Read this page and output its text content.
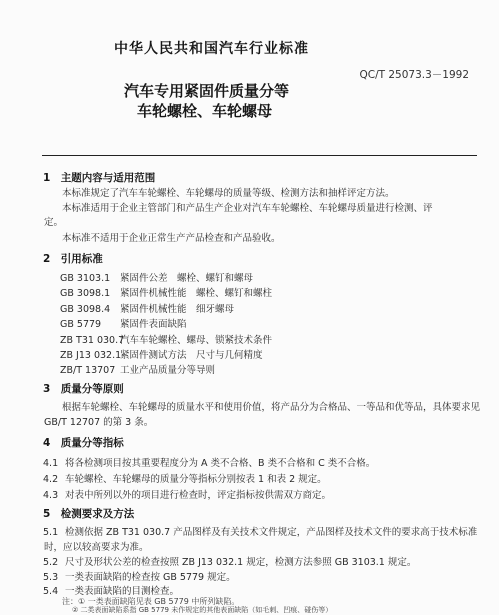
中华人民共和国汽车行业标准
QC/T 25073.3－1992
汽车专用紧固件质量分等
车轮螺栓、车轮螺母
1　主题内容与适用范围
本标准规定了汽车车轮螺栓、车轮螺母的质量等级、检测方法和抽样评定方法。
本标准适用于企业主管部门和产品生产企业对汽车车轮螺栓、车轮螺母质量进行检测、评
定。
本标准不适用于企业正常生产产品检查和产品验收。
2　引用标准
GB 3103.1 紧固件公差　螺栓、螺钉和螺母
GB 3098.1 紧固件机械性能　螺栓、螺钉和螺柱
GB 3098.4 紧固件机械性能　细牙螺母
GB 5779 紧固件表面缺陷
ZB T31 030.7汽车车轮螺栓、螺母、锁紧技术条件
ZB J13 032.1紧固件测试方法　尺寸与几何精度
ZB/T 13707 工业产品质量分等导则
3　质量分等原则
根据车轮螺栓、车轮螺母的质量水平和使用价值，将产品分为合格品、一等品和优等品，具体要求见
GB/T 12707 的第 3 条。
4　质量分等指标
4.1 将各检测项目按其重要程度分为 A 类不合格、B 类不合格和 C 类不合格。
4.2 车轮螺栓、车轮螺母的质量分等指标分别按表 1 和表 2 规定。
4.3 对表中所列以外的项目进行检查时，评定指标按供需双方商定。
5　检测要求及方法
5.1 检测依据 ZB T31 030.7 产品图样及有关技术文件规定，产品图样及技术文件的要求高于技术标准
时，应以较高要求为准。
5.2 尺寸及形状公差的检查按照 ZB J13 032.1 规定，检测方法参照 GB 3103.1 规定。
5.3 一类表面缺陷的检查按 GB 5779 规定。
5.4 一类表面缺陷的目测检查。
注：① 一类表面缺陷见表 GB 5779 中所列缺陷。
② 二类表面缺陷系指 GB 5779 未作规定的其他表面缺陷（如毛刺、凹痕、碰伤等）
